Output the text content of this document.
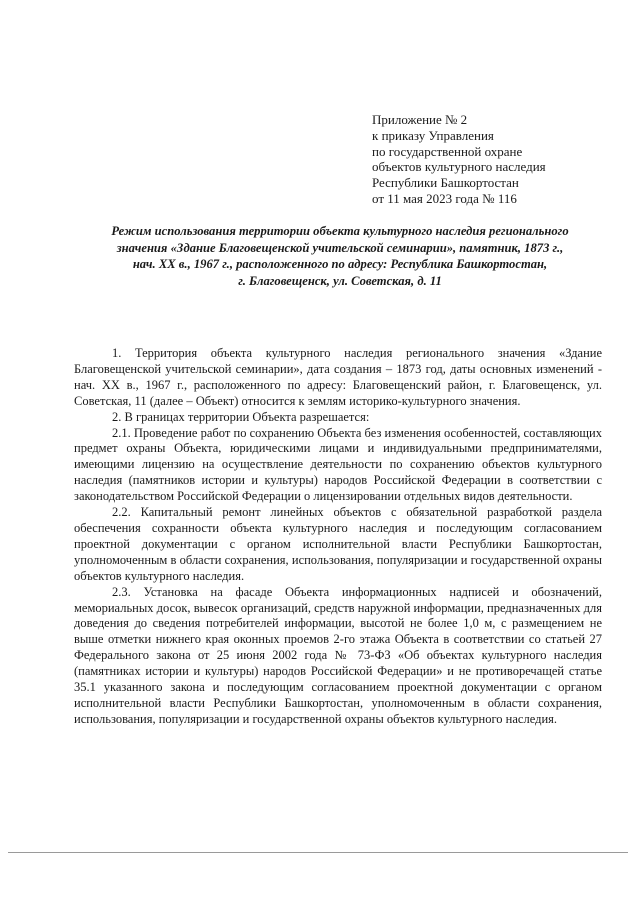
Приложение № 2
к приказу Управления
по государственной охране
объектов культурного наследия
Республики Башкортостан
от 11 мая 2023 года № 116
Режим использования территории объекта культурного наследия регионального
значения «Здание Благовещенской учительской семинарии», памятник, 1873 г.,
нач. XX в., 1967 г., расположенного по адресу: Республика Башкортостан,
г. Благовещенск, ул. Советская, д. 11

1. Территория объекта культурного наследия регионального значения «Здание Благовещенской учительской семинарии», дата создания – 1873 год, даты основных изменений - нач. XX в., 1967 г., расположенного по адресу: Благовещенский район, г. Благовещенск, ул. Советская, 11 (далее – Объект) относится к землям историко-культурного значения.

2. В границах территории Объекта разрешается:

2.1. Проведение работ по сохранению Объекта без изменения особенностей, составляющих предмет охраны Объекта, юридическими лицами и индивидуальными предпринимателями, имеющими лицензию на осуществление деятельности по сохранению объектов культурного наследия (памятников истории и культуры) народов Российской Федерации в соответствии с законодательством Российской Федерации о лицензировании отдельных видов деятельности.

2.2. Капитальный ремонт линейных объектов с обязательной разработкой раздела обеспечения сохранности объекта культурного наследия и последующим согласованием проектной документации с органом исполнительной власти Республики Башкортостан, уполномоченным в области сохранения, использования, популяризации и государственной охраны объектов культурного наследия.

2.3. Установка на фасаде Объекта информационных надписей и обозначений, мемориальных досок, вывесок организаций, средств наружной информации, предназначенных для доведения до сведения потребителей информации, высотой не более 1,0 м, с размещением не выше отметки нижнего края оконных проемов 2-го этажа Объекта в соответствии со статьей 27 Федерального закона от 25 июня 2002 года № 73-ФЗ «Об объектах культурного наследия (памятниках истории и культуры) народов Российской Федерации» и не противоречащей статье 35.1 указанного закона и последующим согласованием проектной документации с органом исполнительной власти Республики Башкортостан, уполномоченным в области сохранения, использования, популяризации и государственной охраны объектов культурного наследия.
